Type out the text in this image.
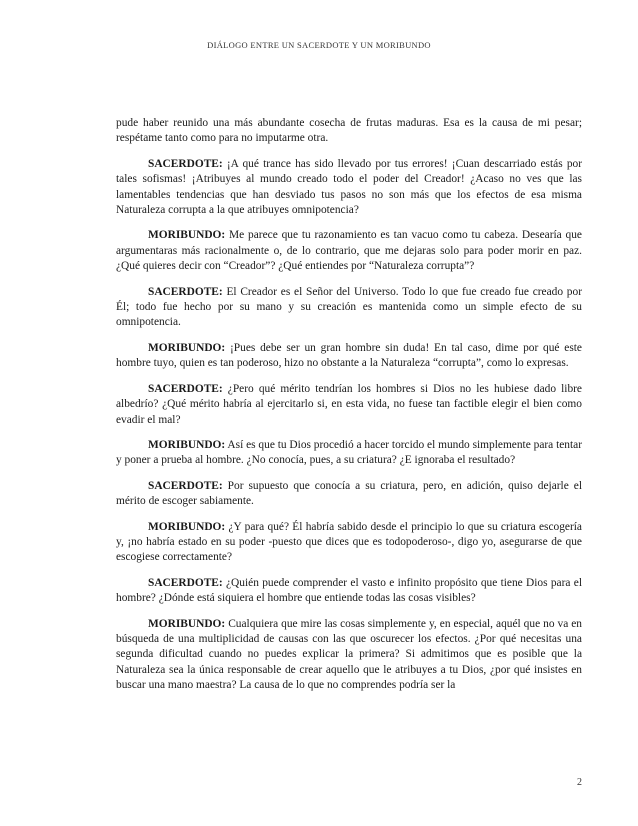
DIÁLOGO ENTRE UN SACERDOTE Y UN MORIBUNDO

pude haber reunido una más abundante cosecha de frutas maduras. Esa es la causa de mi pesar; respétame tanto como para no imputarme otra.

SACERDOTE: ¡A qué trance has sido llevado por tus errores! ¡Cuan descarriado estás por tales sofismas! ¡Atribuyes al mundo creado todo el poder del Creador! ¿Acaso no ves que las lamentables tendencias que han desviado tus pasos no son más que los efectos de esa misma Naturaleza corrupta a la que atribuyes omnipotencia?

MORIBUNDO: Me parece que tu razonamiento es tan vacuo como tu cabeza. Desearía que argumentaras más racionalmente o, de lo contrario, que me dejaras solo para poder morir en paz. ¿Qué quieres decir con “Creador”? ¿Qué entiendes por “Naturaleza corrupta”?

SACERDOTE: El Creador es el Señor del Universo. Todo lo que fue creado fue creado por Él; todo fue hecho por su mano y su creación es mantenida como un simple efecto de su omnipotencia.

MORIBUNDO: ¡Pues debe ser un gran hombre sin duda! En tal caso, dime por qué este hombre tuyo, quien es tan poderoso, hizo no obstante a la Naturaleza “corrupta”, como lo expresas.

SACERDOTE: ¿Pero qué mérito tendrían los hombres si Dios no les hubiese dado libre albedrío? ¿Qué mérito habría al ejercitarlo si, en esta vida, no fuese tan factible elegir el bien como evadir el mal?

MORIBUNDO: Así es que tu Dios procedió a hacer torcido el mundo simplemente para tentar y poner a prueba al hombre. ¿No conocía, pues, a su criatura? ¿E ignoraba el resultado?

SACERDOTE: Por supuesto que conocía a su criatura, pero, en adición, quiso dejarle el mérito de escoger sabiamente.

MORIBUNDO: ¿Y para qué? Él habría sabido desde el principio lo que su criatura escogería y, ¡no habría estado en su poder -puesto que dices que es todopoderoso-, digo yo, asegurarse de que escogiese correctamente?

SACERDOTE: ¿Quién puede comprender el vasto e infinito propósito que tiene Dios para el hombre? ¿Dónde está siquiera el hombre que entiende todas las cosas visibles?

MORIBUNDO: Cualquiera que mire las cosas simplemente y, en especial, aquél que no va en búsqueda de una multiplicidad de causas con las que oscurecer los efectos. ¿Por qué necesitas una segunda dificultad cuando no puedes explicar la primera? Si admitimos que es posible que la Naturaleza sea la única responsable de crear aquello que le atribuyes a tu Dios, ¿por qué insistes en buscar una mano maestra? La causa de lo que no comprendes podría ser la

2
